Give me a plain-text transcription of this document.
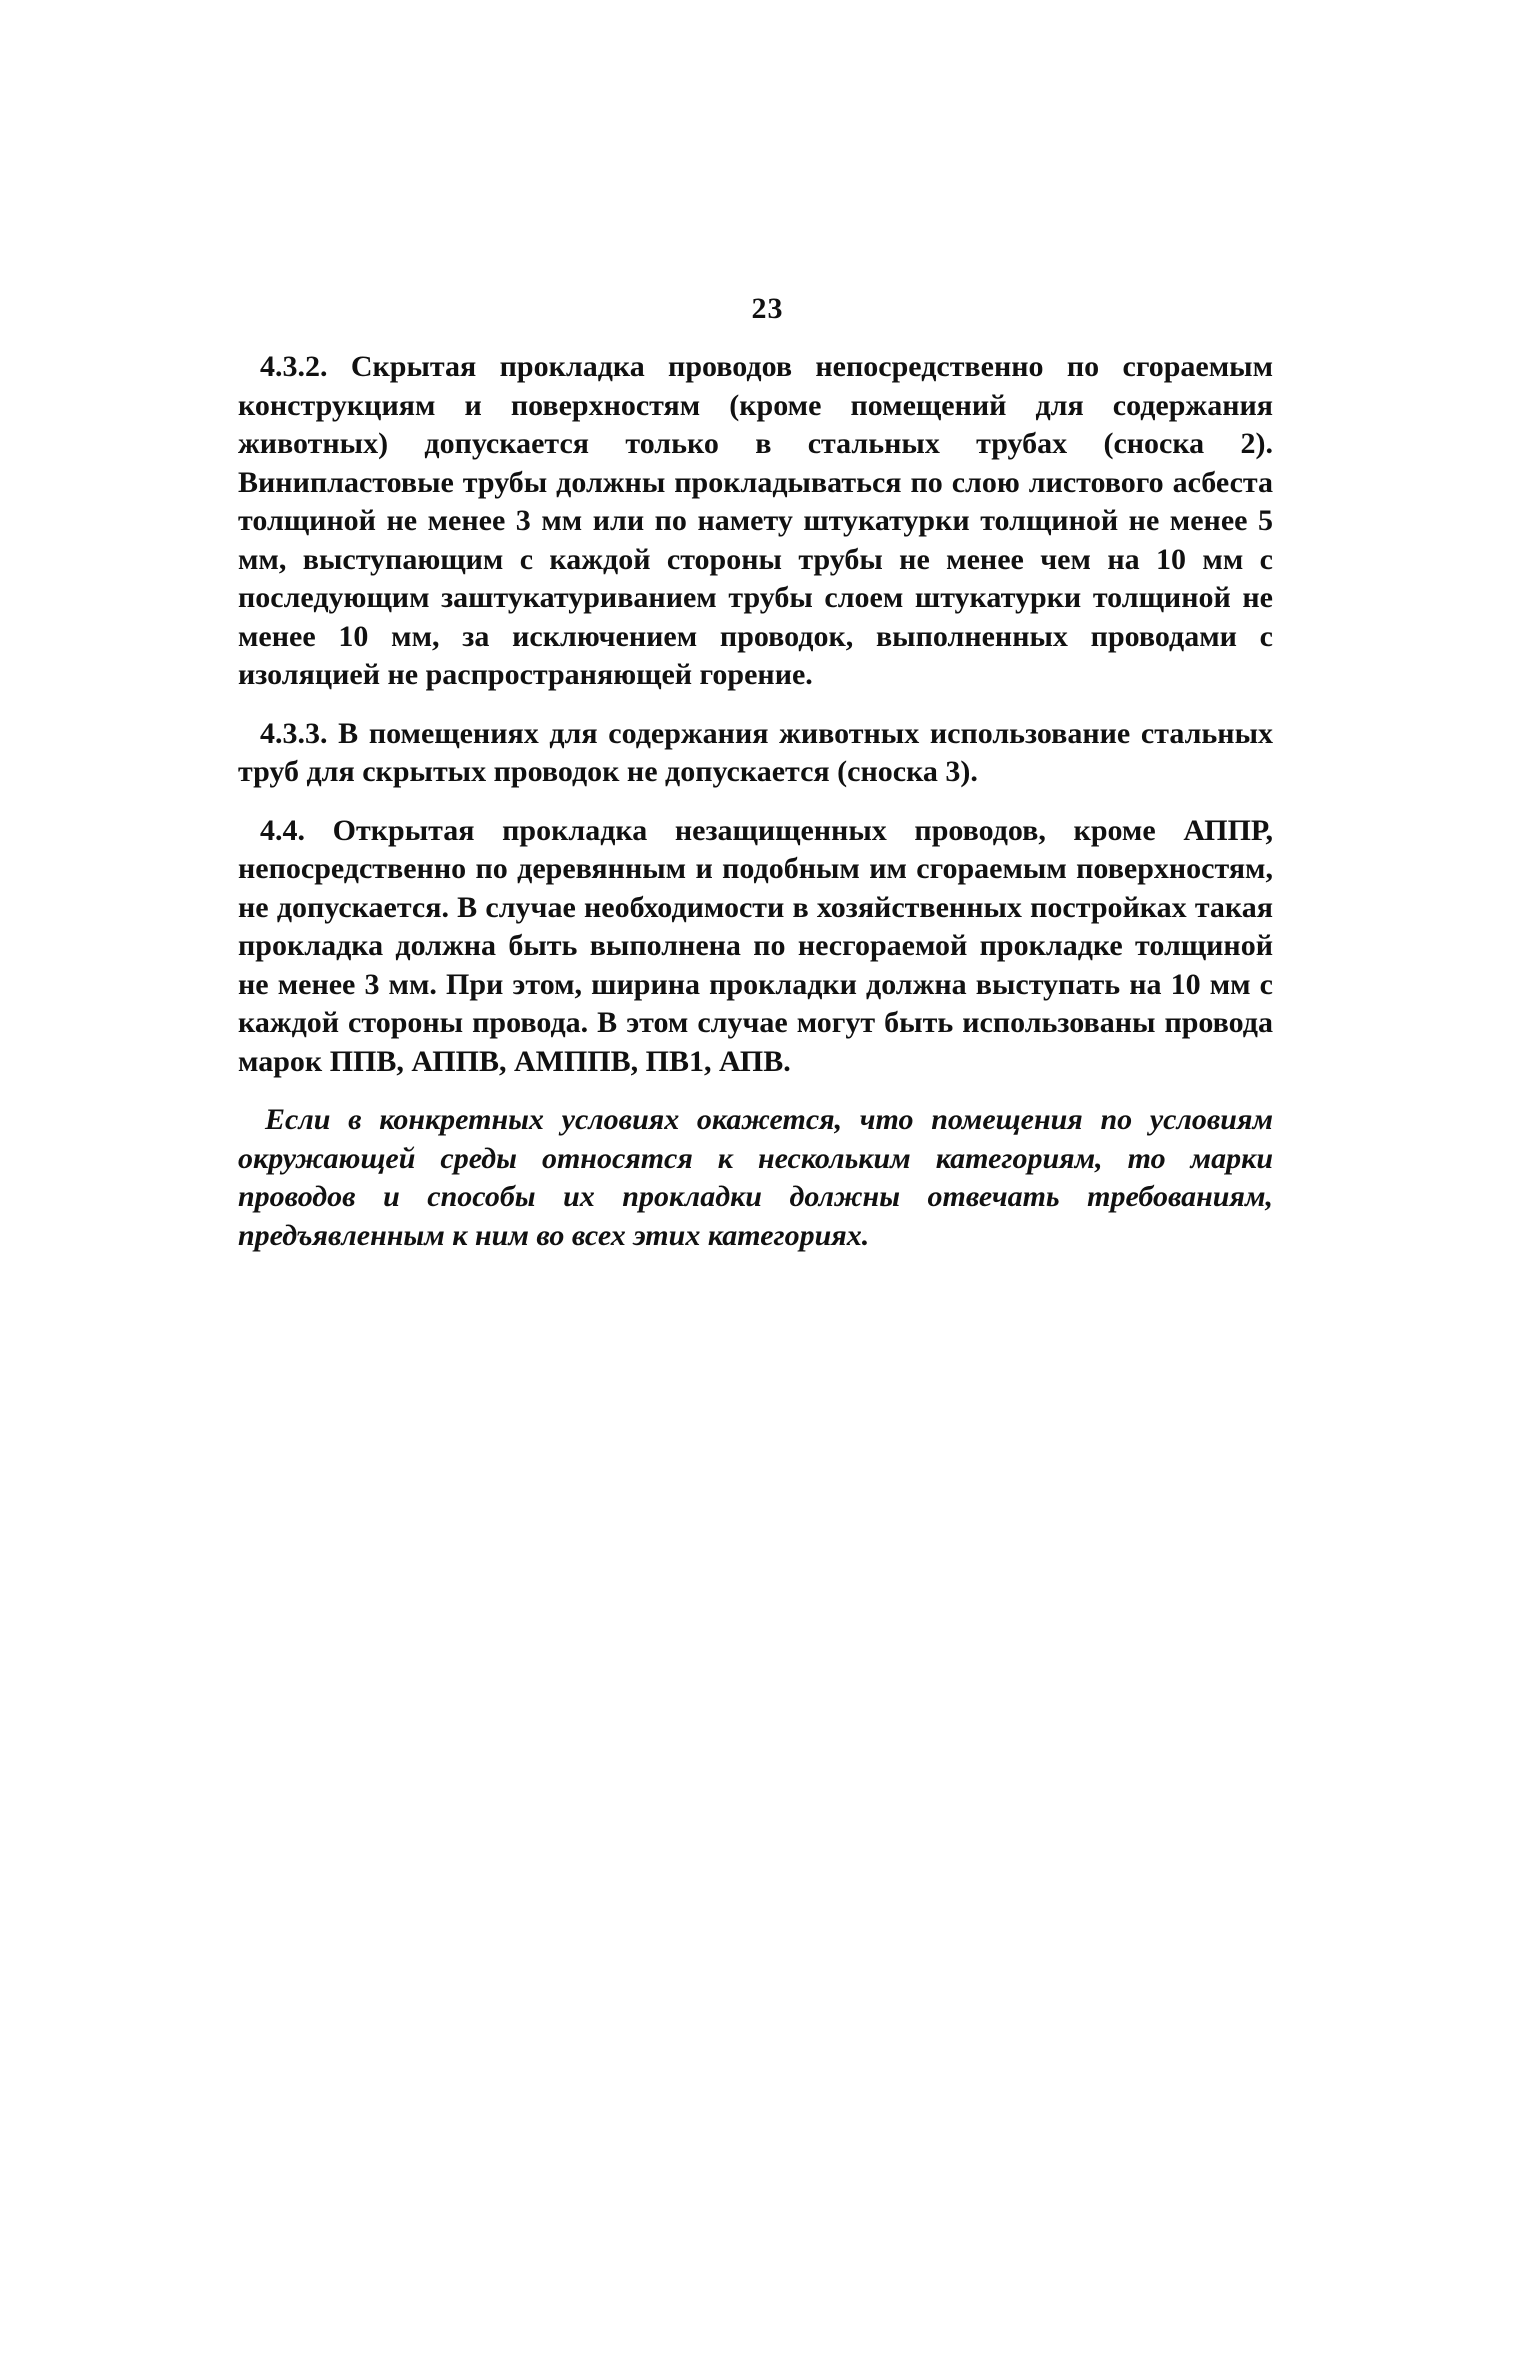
23

4.3.2. Скрытая прокладка проводов непосредственно по сгораемым конструкциям и поверхностям (кроме помещений для содержания животных) допускается только в стальных трубах (сноска 2). Винипластовые трубы должны прокладываться по слою листового асбеста толщиной не менее 3 мм или по намету штукатурки толщиной не менее 5 мм, выступающим с каждой стороны трубы не менее чем на 10 мм с последующим заштукатуриванием трубы слоем штукатурки толщиной не менее 10 мм, за исключением проводок, выполненных проводами с изоляцией не распространяющей горение.

4.3.3. В помещениях для содержания животных использование стальных труб для скрытых проводок не допускается (сноска 3).

4.4. Открытая прокладка незащищенных проводов, кроме АППР, непосредственно по деревянным и подобным им сгораемым поверхностям, не допускается. В случае необходимости в хозяйственных постройках такая прокладка должна быть выполнена по несгораемой прокладке толщиной не менее 3 мм. При этом, ширина прокладки должна выступать на 10 мм с каждой стороны провода. В этом случае могут быть использованы провода марок ППВ, АППВ, АМППВ, ПВ1, АПВ.

Если в конкретных условиях окажется, что помещения по условиям окружающей среды относятся к нескольким категориям, то марки проводов и способы их прокладки должны отвечать требованиям, предъявленным к ним во всех этих категориях.
